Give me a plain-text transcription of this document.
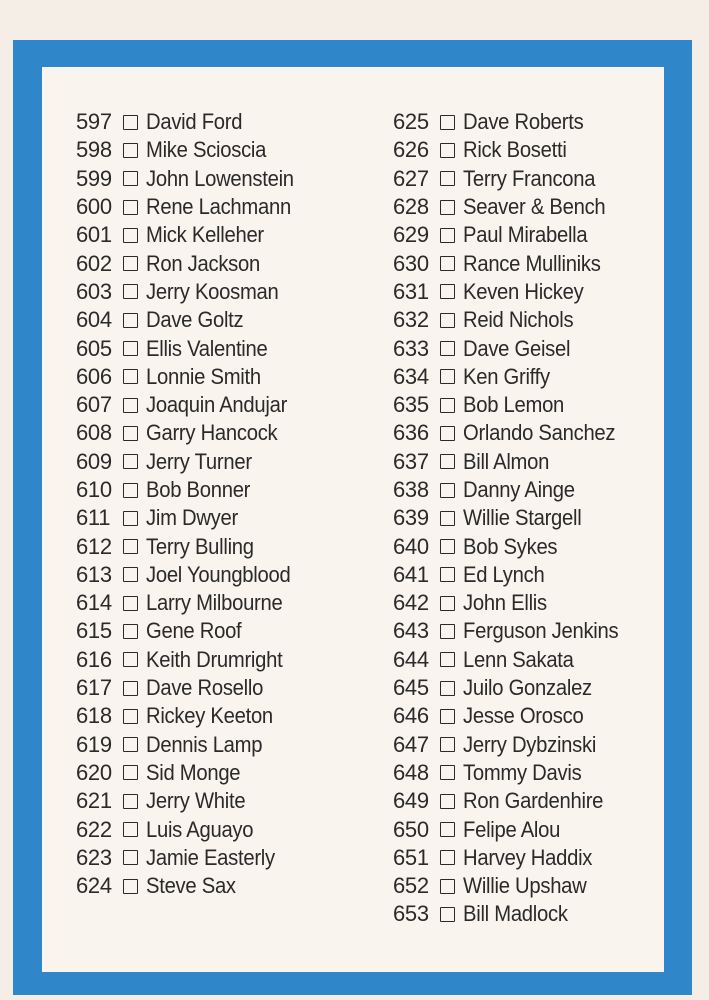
597	David Ford
598	Mike Scioscia
599	John Lowenstein
600	Rene Lachmann
601	Mick Kelleher
602	Ron Jackson
603	Jerry Koosman
604	Dave Goltz
605	Ellis Valentine
606	Lonnie Smith
607	Joaquin Andujar
608	Garry Hancock
609	Jerry Turner
610	Bob Bonner
611	Jim Dwyer
612	Terry Bulling
613	Joel Youngblood
614	Larry Milbourne
615	Gene Roof
616	Keith Drumright
617	Dave Rosello
618	Rickey Keeton
619	Dennis Lamp
620	Sid Monge
621	Jerry White
622	Luis Aguayo
623	Jamie Easterly
624	Steve Sax
625	Dave Roberts
626	Rick Bosetti
627	Terry Francona
628	Seaver & Bench
629	Paul Mirabella
630	Rance Mulliniks
631	Keven Hickey
632	Reid Nichols
633	Dave Geisel
634	Ken Griffy
635	Bob Lemon
636	Orlando Sanchez
637	Bill Almon
638	Danny Ainge
639	Willie Stargell
640	Bob Sykes
641	Ed Lynch
642	John Ellis
643	Ferguson Jenkins
644	Lenn Sakata
645	Juilo Gonzalez
646	Jesse Orosco
647	Jerry Dybzinski
648	Tommy Davis
649	Ron Gardenhire
650	Felipe Alou
651	Harvey Haddix
652	Willie Upshaw
653	Bill Madlock
